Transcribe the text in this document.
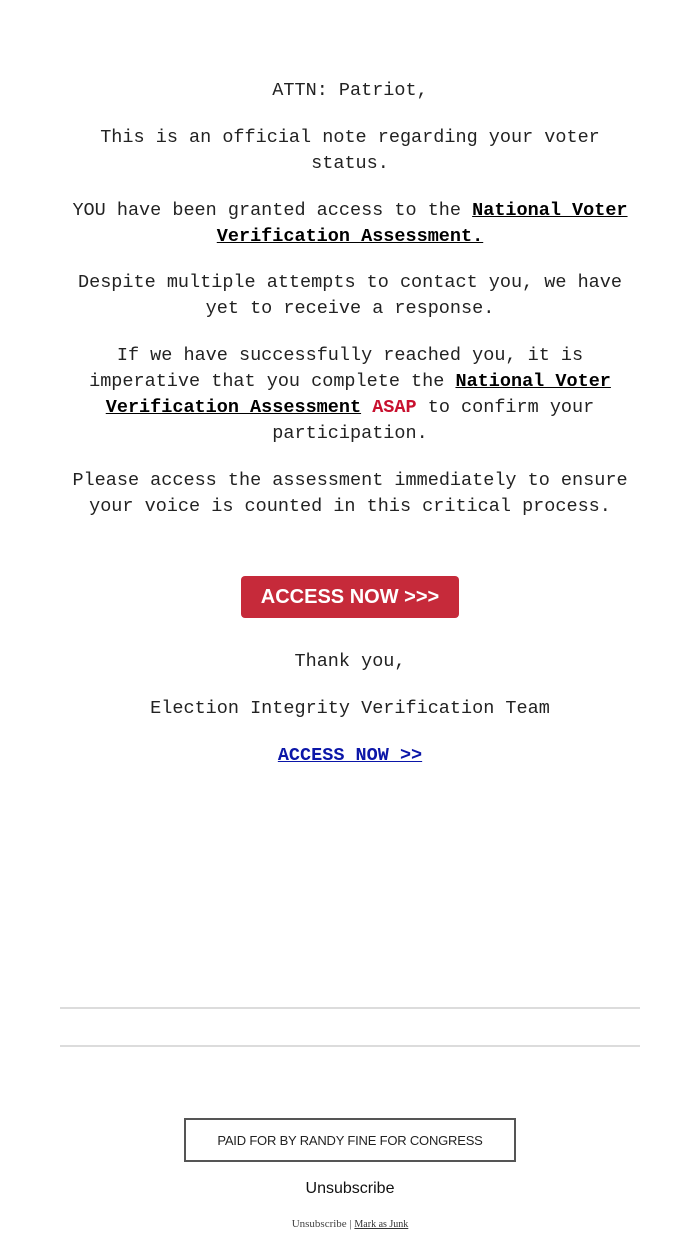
ATTN: Patriot,

This is an official note regarding your voter status.

YOU have been granted access to the National Voter Verification Assessment.

Despite multiple attempts to contact you, we have yet to receive a response.

If we have successfully reached you, it is imperative that you complete the National Voter Verification Assessment ASAP to confirm your participation.

Please access the assessment immediately to ensure your voice is counted in this critical process.

ACCESS NOW >>>

Thank you,

Election Integrity Verification Team

ACCESS NOW >>

PAID FOR BY RANDY FINE FOR CONGRESS
Unsubscribe
Unsubscribe | Mark as Junk
